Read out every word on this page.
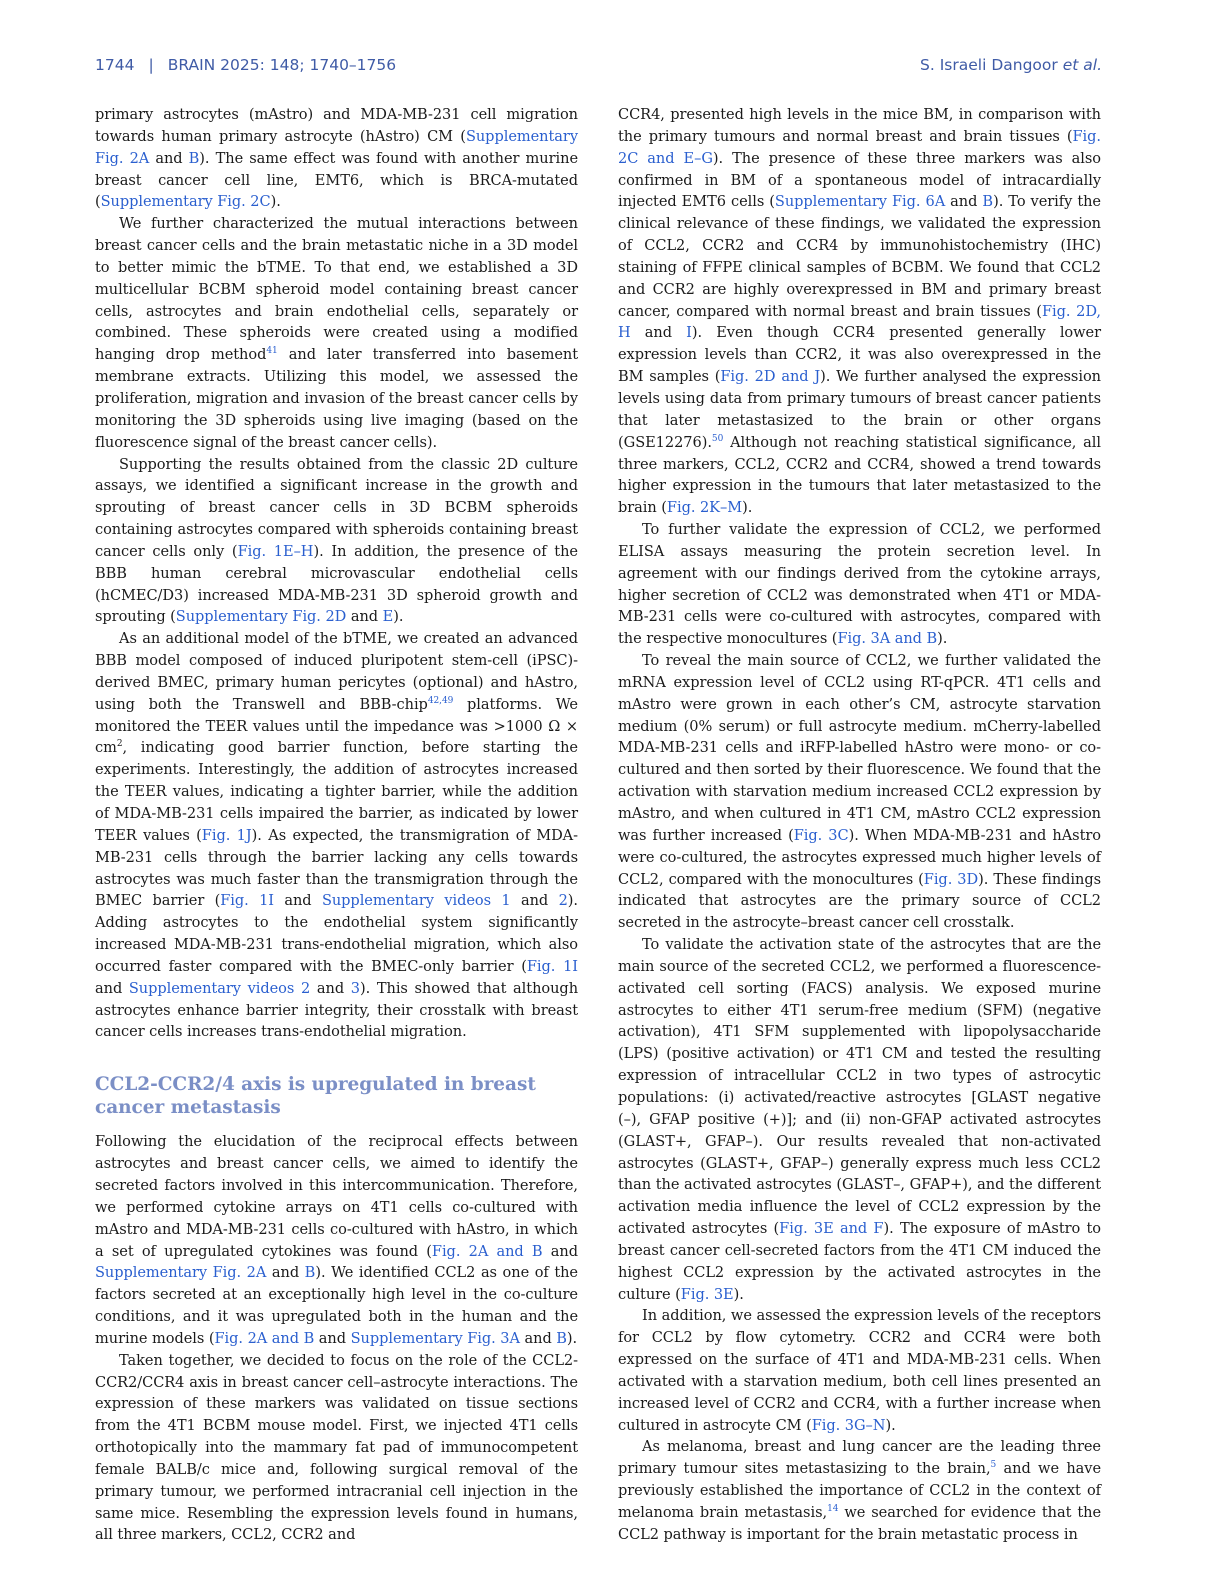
1744 | BRAIN 2025: 148; 1740–1756	S. Israeli Dangoor et al.

primary astrocytes (mAstro) and MDA-MB-231 cell migration towards human primary astrocyte (hAstro) CM (Supplementary Fig. 2A and B). The same effect was found with another murine breast cancer cell line, EMT6, which is BRCA-mutated (Supplementary Fig. 2C).

We further characterized the mutual interactions between breast cancer cells and the brain metastatic niche in a 3D model to better mimic the bTME. To that end, we established a 3D multicellular BCBM spheroid model containing breast cancer cells, astrocytes and brain endothelial cells, separately or combined. These spheroids were created using a modified hanging drop method$^{41}$ and later transferred into basement membrane extracts. Utilizing this model, we assessed the proliferation, migration and invasion of the breast cancer cells by monitoring the 3D spheroids using live imaging (based on the fluorescence signal of the breast cancer cells).

Supporting the results obtained from the classic 2D culture assays, we identified a significant increase in the growth and sprouting of breast cancer cells in 3D BCBM spheroids containing astrocytes compared with spheroids containing breast cancer cells only (Fig. 1E–H). In addition, the presence of the BBB human cerebral microvascular endothelial cells (hCMEC/D3) increased MDA-MB-231 3D spheroid growth and sprouting (Supplementary Fig. 2D and E).

As an additional model of the bTME, we created an advanced BBB model composed of induced pluripotent stem-cell (iPSC)-derived BMEC, primary human pericytes (optional) and hAstro, using both the Transwell and BBB-chip$^{42,49}$ platforms. We monitored the TEER values until the impedance was >1000 $\Omega \times cm^2$, indicating good barrier function, before starting the experiments. Interestingly, the addition of astrocytes increased the TEER values, indicating a tighter barrier, while the addition of MDA-MB-231 cells impaired the barrier, as indicated by lower TEER values (Fig. 1J). As expected, the transmigration of MDA-MB-231 cells through the barrier lacking any cells towards astrocytes was much faster than the transmigration through the BMEC barrier (Fig. 1I and Supplementary videos 1 and 2). Adding astrocytes to the endothelial system significantly increased MDA-MB-231 trans-endothelial migration, which also occurred faster compared with the BMEC-only barrier (Fig. 1I and Supplementary videos 2 and 3). This showed that although astrocytes enhance barrier integrity, their crosstalk with breast cancer cells increases trans-endothelial migration.

CCL2-CCR2/4 axis is upregulated in breast cancer metastasis

Following the elucidation of the reciprocal effects between astrocytes and breast cancer cells, we aimed to identify the secreted factors involved in this intercommunication. Therefore, we performed cytokine arrays on 4T1 cells co-cultured with mAstro and MDA-MB-231 cells co-cultured with hAstro, in which a set of upregulated cytokines was found (Fig. 2A and B and Supplementary Fig. 2A and B). We identified CCL2 as one of the factors secreted at an exceptionally high level in the co-culture conditions, and it was upregulated both in the human and the murine models (Fig. 2A and B and Supplementary Fig. 3A and B).

Taken together, we decided to focus on the role of the CCL2-CCR2/CCR4 axis in breast cancer cell–astrocyte interactions. The expression of these markers was validated on tissue sections from the 4T1 BCBM mouse model. First, we injected 4T1 cells orthotopically into the mammary fat pad of immunocompetent female BALB/c mice and, following surgical removal of the primary tumour, we performed intracranial cell injection in the same mice. Resembling the expression levels found in humans, all three markers, CCL2, CCR2 and

CCR4, presented high levels in the mice BM, in comparison with the primary tumours and normal breast and brain tissues (Fig. 2C and E–G). The presence of these three markers was also confirmed in BM of a spontaneous model of intracardially injected EMT6 cells (Supplementary Fig. 6A and B). To verify the clinical relevance of these findings, we validated the expression of CCL2, CCR2 and CCR4 by immunohistochemistry (IHC) staining of FFPE clinical samples of BCBM. We found that CCL2 and CCR2 are highly overexpressed in BM and primary breast cancer, compared with normal breast and brain tissues (Fig. 2D, H and I). Even though CCR4 presented generally lower expression levels than CCR2, it was also overexpressed in the BM samples (Fig. 2D and J). We further analysed the expression levels using data from primary tumours of breast cancer patients that later metastasized to the brain or other organs (GSE12276).$^{50}$ Although not reaching statistical significance, all three markers, CCL2, CCR2 and CCR4, showed a trend towards higher expression in the tumours that later metastasized to the brain (Fig. 2K–M).

To further validate the expression of CCL2, we performed ELISA assays measuring the protein secretion level. In agreement with our findings derived from the cytokine arrays, higher secretion of CCL2 was demonstrated when 4T1 or MDA-MB-231 cells were co-cultured with astrocytes, compared with the respective monocultures (Fig. 3A and B).

To reveal the main source of CCL2, we further validated the mRNA expression level of CCL2 using RT-qPCR. 4T1 cells and mAstro were grown in each other’s CM, astrocyte starvation medium (0% serum) or full astrocyte medium. mCherry-labelled MDA-MB-231 cells and iRFP-labelled hAstro were mono- or co-cultured and then sorted by their fluorescence. We found that the activation with starvation medium increased CCL2 expression by mAstro, and when cultured in 4T1 CM, mAstro CCL2 expression was further increased (Fig. 3C). When MDA-MB-231 and hAstro were co-cultured, the astrocytes expressed much higher levels of CCL2, compared with the monocultures (Fig. 3D). These findings indicated that astrocytes are the primary source of CCL2 secreted in the astrocyte–breast cancer cell crosstalk.

To validate the activation state of the astrocytes that are the main source of the secreted CCL2, we performed a fluorescence-activated cell sorting (FACS) analysis. We exposed murine astrocytes to either 4T1 serum-free medium (SFM) (negative activation), 4T1 SFM supplemented with lipopolysaccharide (LPS) (positive activation) or 4T1 CM and tested the resulting expression of intracellular CCL2 in two types of astrocytic populations: (i) activated/reactive astrocytes [GLAST negative (–), GFAP positive (+)]; and (ii) non-GFAP activated astrocytes (GLAST+, GFAP–). Our results revealed that non-activated astrocytes (GLAST+, GFAP–) generally express much less CCL2 than the activated astrocytes (GLAST–, GFAP+), and the different activation media influence the level of CCL2 expression by the activated astrocytes (Fig. 3E and F). The exposure of mAstro to breast cancer cell-secreted factors from the 4T1 CM induced the highest CCL2 expression by the activated astrocytes in the culture (Fig. 3E).

In addition, we assessed the expression levels of the receptors for CCL2 by flow cytometry. CCR2 and CCR4 were both expressed on the surface of 4T1 and MDA-MB-231 cells. When activated with a starvation medium, both cell lines presented an increased level of CCR2 and CCR4, with a further increase when cultured in astrocyte CM (Fig. 3G–N).

As melanoma, breast and lung cancer are the leading three primary tumour sites metastasizing to the brain,$^5$ and we have previously established the importance of CCL2 in the context of melanoma brain metastasis,$^{14}$ we searched for evidence that the CCL2 pathway is important for the brain metastatic process in
